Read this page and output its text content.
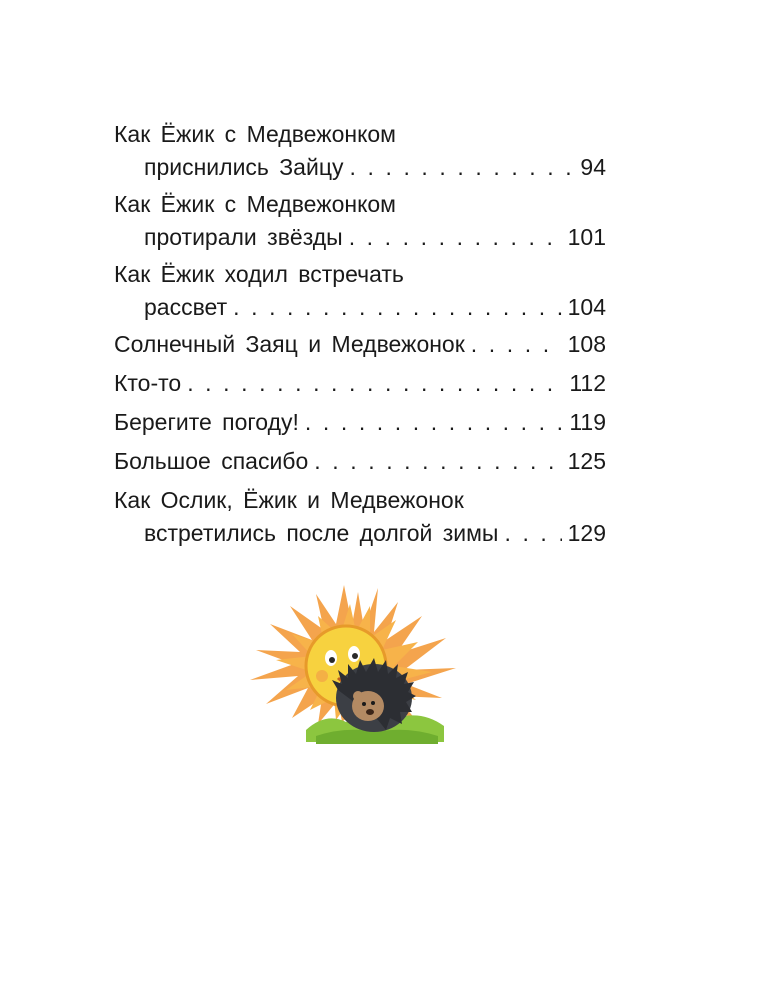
Как Ёжик с Медвежонком
приснились Зайцу . . .	94
Как Ёжик с Медвежонком
протирали звёзды . . .	101
Как Ёжик ходил встречать
рассвет . . .	104
Солнечный Заяц и Медвежонок . . .	108
Кто-то . . .	112
Берегите погоду! . . .	119
Большое спасибо . . .	125
Как Ослик, Ёжик и Медвежонок
встретились после долгой зимы . . .	129
